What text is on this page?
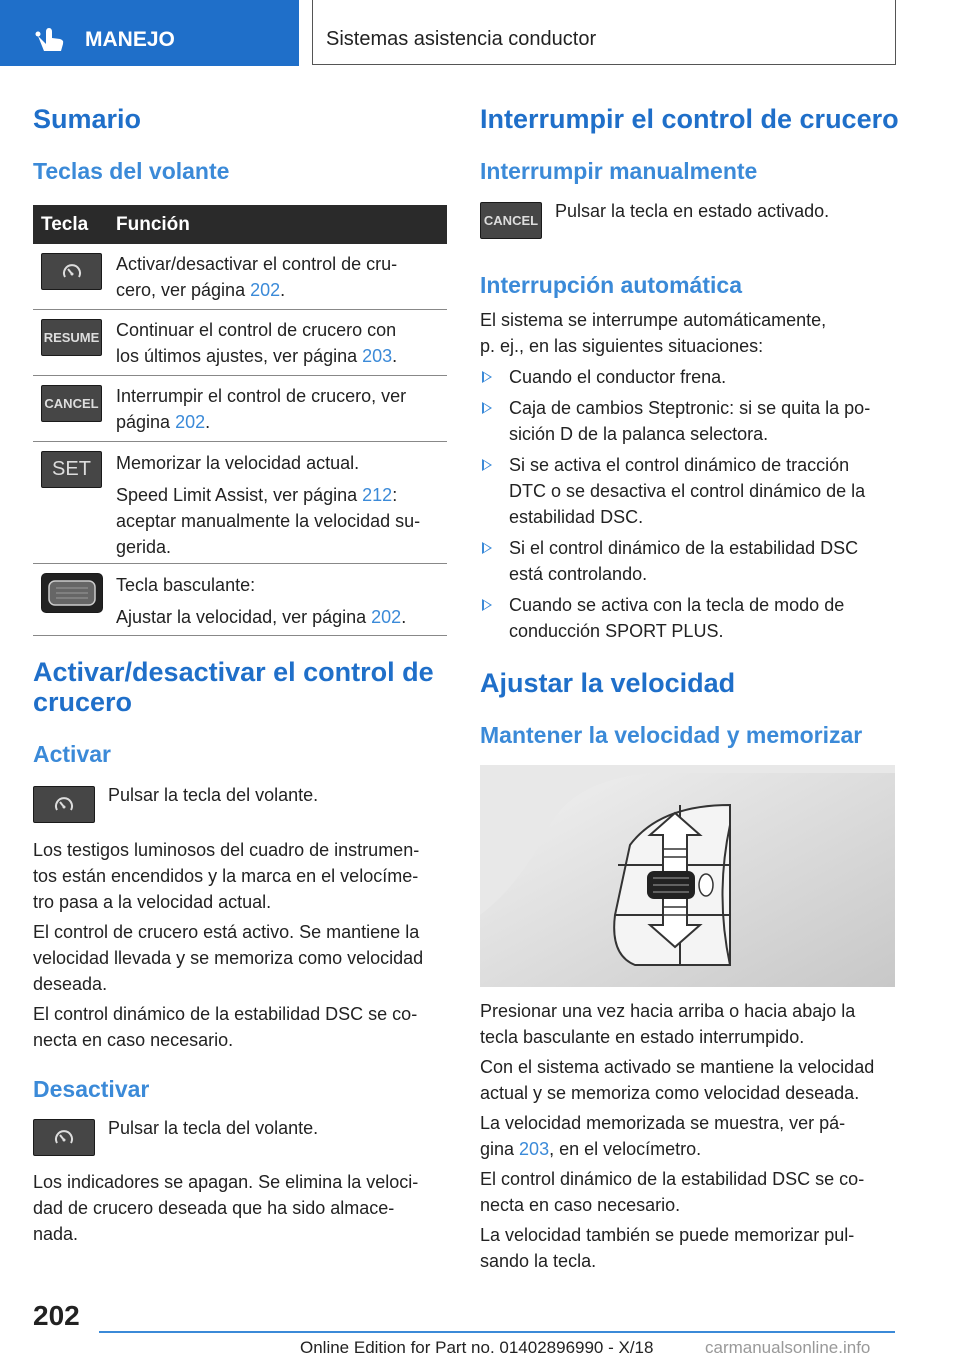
MANEJO	Sistemas asistencia conductor
Sumario
Teclas del volante
Tecla	Función

	Activar/desactivar el control de cru-
cero, ver página 202.

RESUME	Continuar el control de crucero con
los últimos ajustes, ver página 203.

CANCEL	Interrumpir el control de crucero, ver
página 202.

SET	Memorizar la velocidad actual.
Speed Limit Assist, ver página 212:
aceptar manualmente la velocidad su-
gerida.

Tecla basculante:
Ajustar la velocidad, ver página 202.
Activar/desactivar el control de
crucero
Activar

Pulsar la tecla del volante.

Los testigos luminosos del cuadro de instrumen-
tos están encendidos y la marca en el velocíme-
tro pasa a la velocidad actual.
El control de crucero está activo. Se mantiene la
velocidad llevada y se memoriza como velocidad
deseada.
El control dinámico de la estabilidad DSC se co-
necta en caso necesario.
Desactivar

Pulsar la tecla del volante.

Los indicadores se apagan. Se elimina la veloci-
dad de crucero deseada que ha sido almace-
nada.
Interrumpir el control de crucero
Interrumpir manualmente
CANCEL Pulsar la tecla en estado activado.

Interrupción automática
El sistema se interrumpe automáticamente,
p. ej., en las siguientes situaciones:
Cuando el conductor frena.
Caja de cambios Steptronic: si se quita la po-
sición D de la palanca selectora.
Si se activa el control dinámico de tracción
DTC o se desactiva el control dinámico de la
estabilidad DSC.
Si el control dinámico de la estabilidad DSC
está controlando.
Cuando se activa con la tecla de modo de
conducción SPORT PLUS.
Ajustar la velocidad
Mantener la velocidad y memorizar
Presionar una vez hacia arriba o hacia abajo la
tecla basculante en estado interrumpido.
Con el sistema activado se mantiene la velocidad
actual y se memoriza como velocidad deseada.
La velocidad memorizada se muestra, ver pá-
gina 203, en el velocímetro.
El control dinámico de la estabilidad DSC se co-
necta en caso necesario.
La velocidad también se puede memorizar pul-
sando la tecla.
202
Online Edition for Part no. 01402896990 - X/18	carmanualsonline.info
